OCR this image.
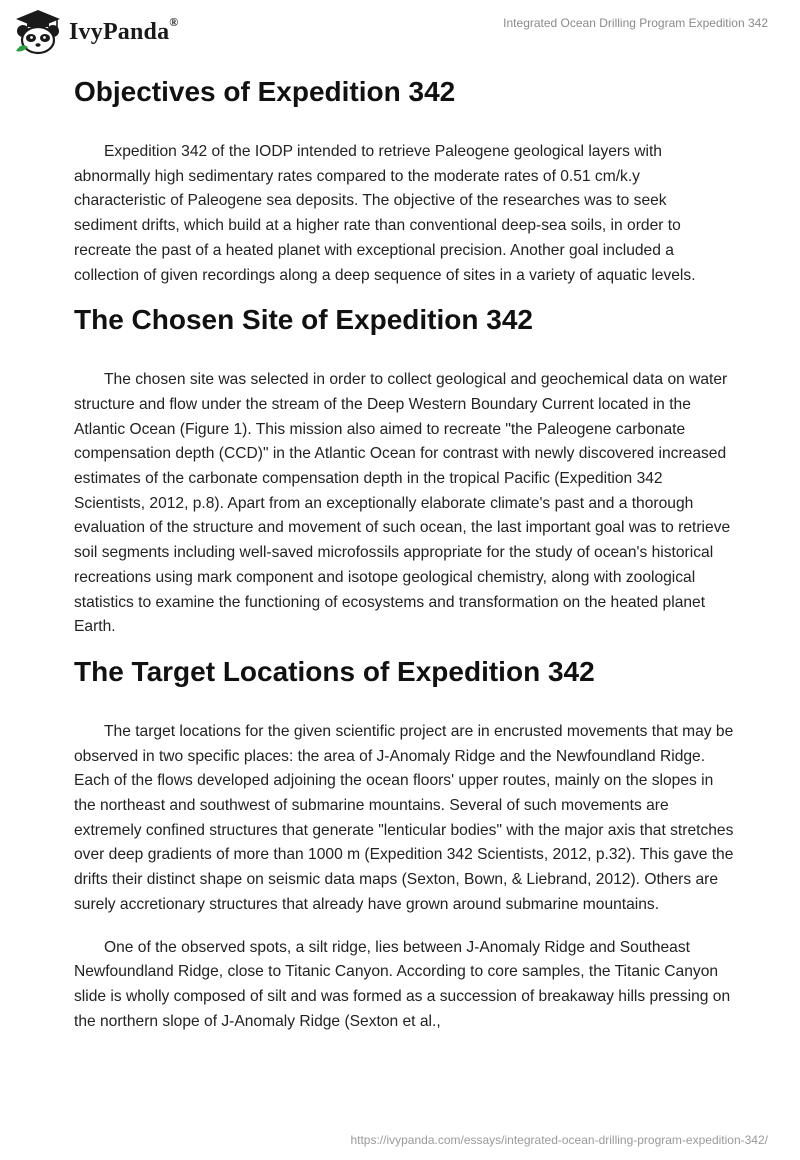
IvyPanda®	Integrated Ocean Drilling Program Expedition 342
Objectives of Expedition 342

Expedition 342 of the IODP intended to retrieve Paleogene geological layers with abnormally high sedimentary rates compared to the moderate rates of 0.51 cm/k.y characteristic of Paleogene sea deposits. The objective of the researches was to seek sediment drifts, which build at a higher rate than conventional deep-sea soils, in order to recreate the past of a heated planet with exceptional precision. Another goal included a collection of given recordings along a deep sequence of sites in a variety of aquatic levels.

The Chosen Site of Expedition 342

The chosen site was selected in order to collect geological and geochemical data on water structure and flow under the stream of the Deep Western Boundary Current located in the Atlantic Ocean (Figure 1). This mission also aimed to recreate "the Paleogene carbonate compensation depth (CCD)" in the Atlantic Ocean for contrast with newly discovered increased estimates of the carbonate compensation depth in the tropical Pacific (Expedition 342 Scientists, 2012, p.8). Apart from an exceptionally elaborate climate's past and a thorough evaluation of the structure and movement of such ocean, the last important goal was to retrieve soil segments including well-saved microfossils appropriate for the study of ocean's historical recreations using mark component and isotope geological chemistry, along with zoological statistics to examine the functioning of ecosystems and transformation on the heated planet Earth.

The Target Locations of Expedition 342

The target locations for the given scientific project are in encrusted movements that may be observed in two specific places: the area of J-Anomaly Ridge and the Newfoundland Ridge. Each of the flows developed adjoining the ocean floors' upper routes, mainly on the slopes in the northeast and southwest of submarine mountains. Several of such movements are extremely confined structures that generate "lenticular bodies" with the major axis that stretches over deep gradients of more than 1000 m (Expedition 342 Scientists, 2012, p.32). This gave the drifts their distinct shape on seismic data maps (Sexton, Bown, & Liebrand, 2012). Others are surely accretionary structures that already have grown around submarine mountains.

One of the observed spots, a silt ridge, lies between J-Anomaly Ridge and Southeast Newfoundland Ridge, close to Titanic Canyon. According to core samples, the Titanic Canyon slide is wholly composed of silt and was formed as a succession of breakaway hills pressing on the northern slope of J-Anomaly Ridge (Sexton et al.,

https://ivypanda.com/essays/integrated-ocean-drilling-program-expedition-342/
